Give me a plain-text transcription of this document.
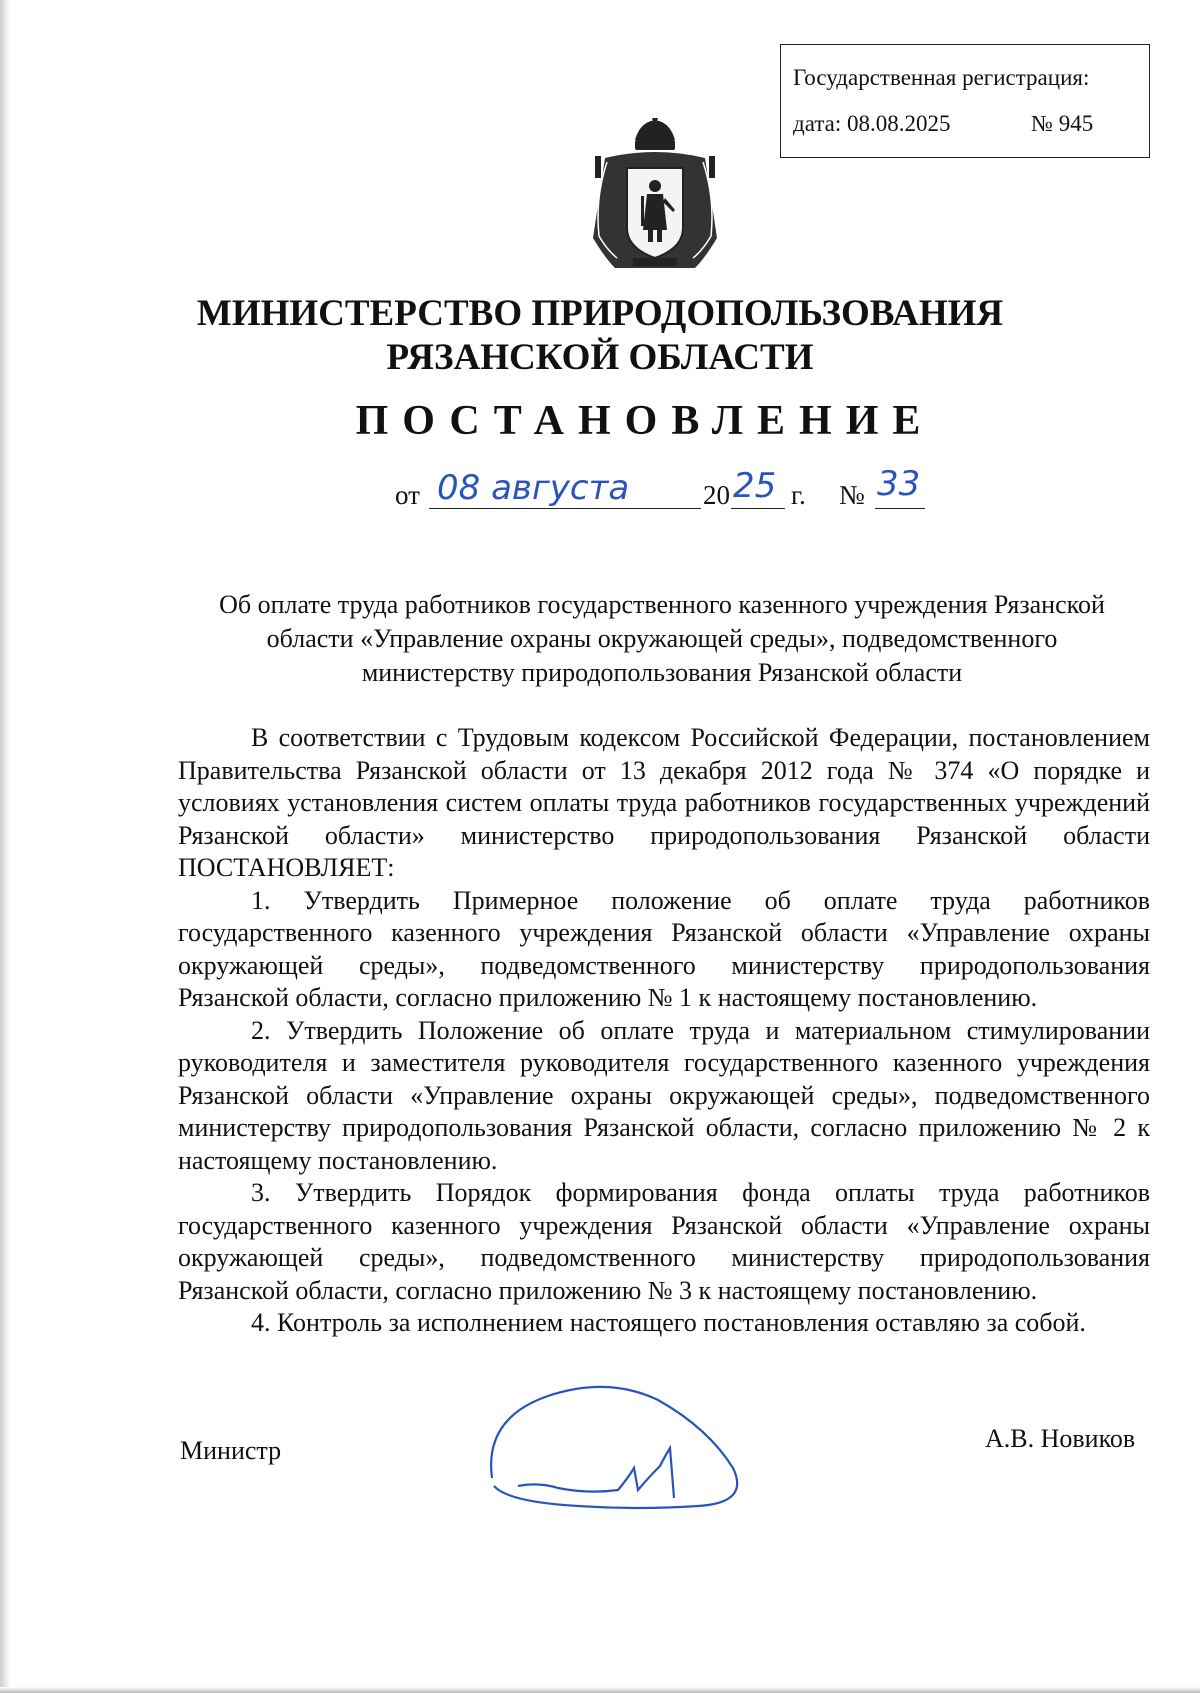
Государственная регистрация:
дата: 08.08.2025	№ 945
МИНИСТЕРСТВО ПРИРОДОПОЛЬЗОВАНИЯ
РЯЗАНСКОЙ ОБЛАСТИ
ПОСТАНОВЛЕНИЕ
от 08 августа	20 25 г. № 33
Об оплате труда работников государственного казенного учреждения Рязанской
области «Управление охраны окружающей среды», подведомственного
министерству природопользования Рязанской области

В соответствии с Трудовым кодексом Российской Федерации, постановлением Правительства Рязанской области от 13 декабря 2012 года № 374 «О порядке и условиях установления систем оплаты труда работников государственных учреждений Рязанской области» министерство природопользования Рязанской области ПОСТАНОВЛЯЕТ:

1. Утвердить Примерное положение об оплате труда работников государственного казенного учреждения Рязанской области «Управление охраны окружающей среды», подведомственного министерству природопользования Рязанской области, согласно приложению № 1 к настоящему постановлению.

2. Утвердить Положение об оплате труда и материальном стимулировании руководителя и заместителя руководителя государственного казенного учреждения Рязанской области «Управление охраны окружающей среды», подведомственного министерству природопользования Рязанской области, согласно приложению № 2 к настоящему постановлению.

3. Утвердить Порядок формирования фонда оплаты труда работников государственного казенного учреждения Рязанской области «Управление охраны окружающей среды», подведомственного министерству природопользования Рязанской области, согласно приложению № 3 к настоящему постановлению.

4. Контроль за исполнением настоящего постановления оставляю за собой.

Министр	А.В. Новиков
